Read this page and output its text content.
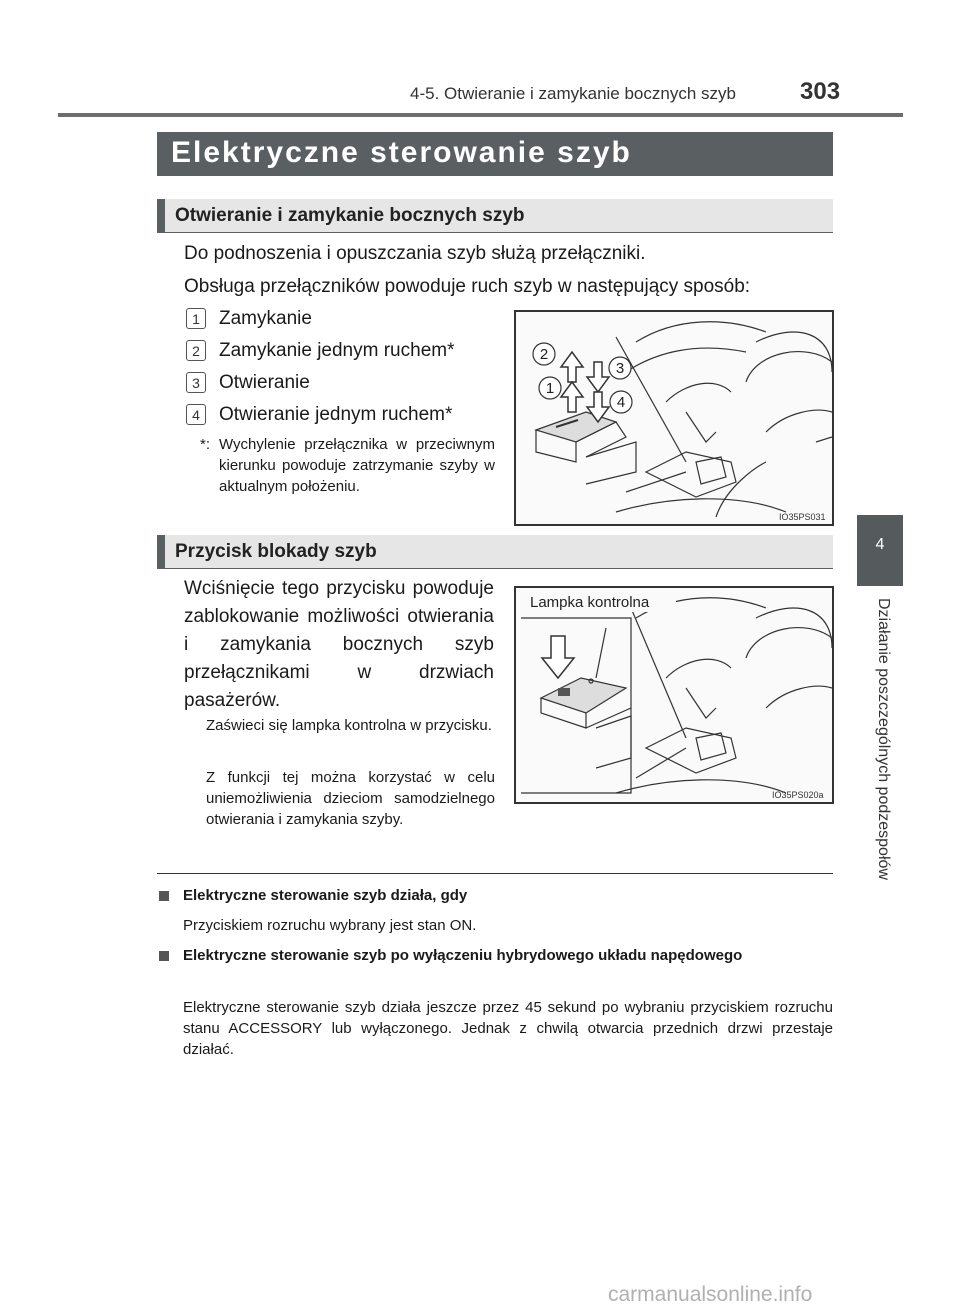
4-5. Otwieranie i zamykanie bocznych szyb	303
4
Działanie poszczególnych podzespołów
Elektryczne sterowanie szyb
Otwieranie i zamykanie bocznych szyb
Do podnoszenia i opuszczania szyb służą przełączniki.
Obsługa przełączników powoduje ruch szyb w następujący sposób:
1	Zamykanie
2	Zamykanie jednym ruchem*
3	Otwieranie
4	Otwieranie jednym ruchem*
*: Wychylenie przełącznika w przeciwnym kierunku powoduje zatrzymanie szyby w aktualnym położeniu.
2
3
1
4
IO35PS031
Przycisk blokady szyb
Wciśnięcie tego przycisku powoduje zablokowanie możliwości otwierania i zamykania bocznych szyb przełącznikami w drzwiach pasażerów.
Zaświeci się lampka kontrolna w przycisku.
Z funkcji tej można korzystać w celu uniemożliwienia dzieciom samodzielnego otwierania i zamykania szyby.
Lampka kontrolna
IO35PS020a
Elektryczne sterowanie szyb działa, gdy
Przyciskiem rozruchu wybrany jest stan ON.
Elektryczne sterowanie szyb po wyłączeniu hybrydowego układu napędowego
Elektryczne sterowanie szyb działa jeszcze przez 45 sekund po wybraniu przyciskiem rozruchu stanu ACCESSORY lub wyłączonego. Jednak z chwilą otwarcia przednich drzwi przestaje działać.
carmanualsonline.info
